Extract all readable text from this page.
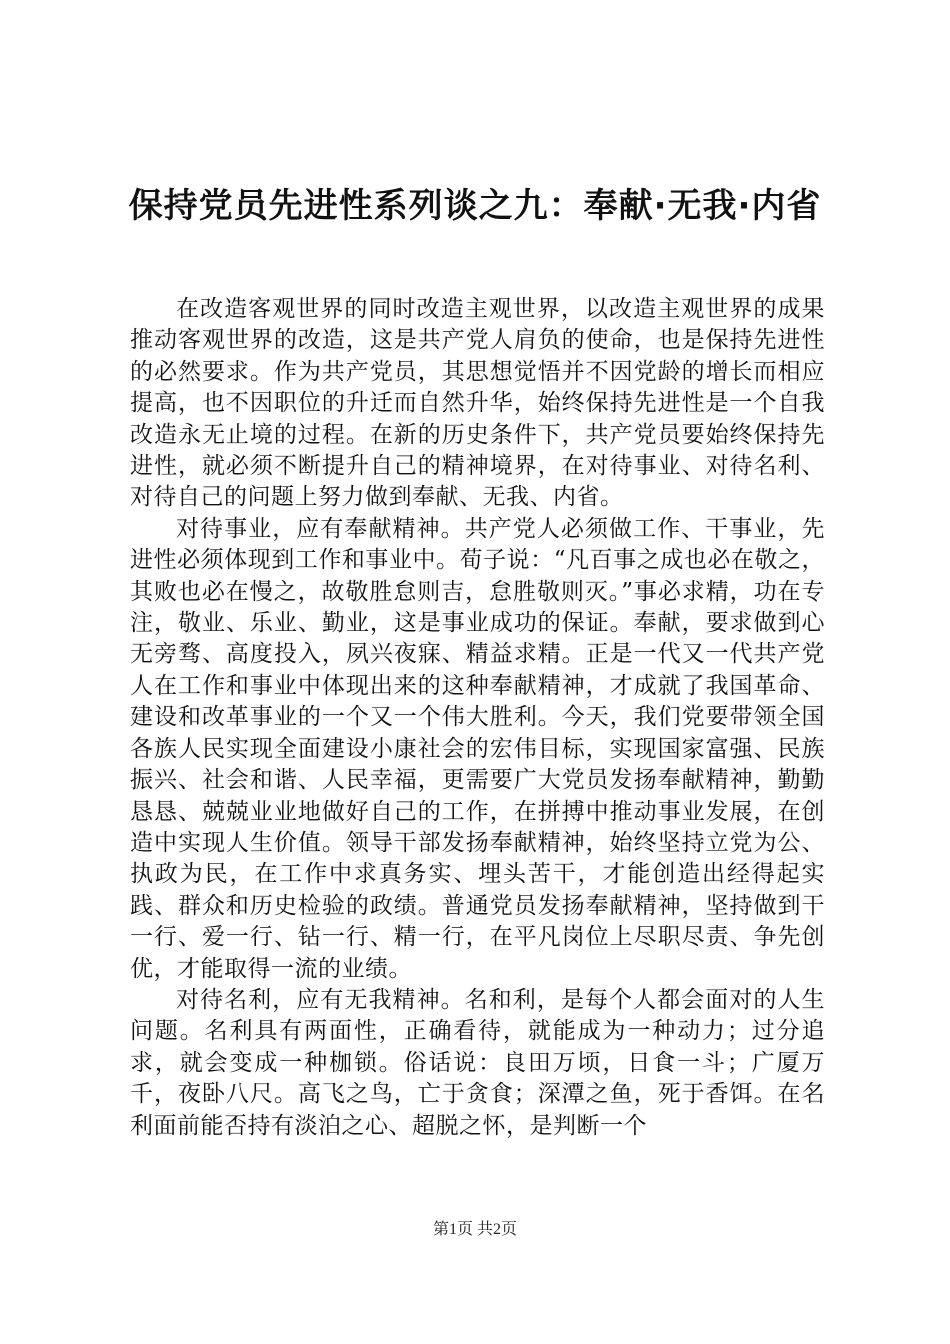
保持党员先进性系列谈之九：奉献·无我·内省

在改造客观世界的同时改造主观世界，以改造主观世界的成果推动客观世界的改造，这是共产党人肩负的使命，也是保持先进性的必然要求。作为共产党员，其思想觉悟并不因党龄的增长而相应提高，也不因职位的升迁而自然升华，始终保持先进性是一个自我改造永无止境的过程。在新的历史条件下，共产党员要始终保持先进性，就必须不断提升自己的精神境界，在对待事业、对待名利、对待自己的问题上努力做到奉献、无我、内省。

对待事业，应有奉献精神。共产党人必须做工作、干事业，先进性必须体现到工作和事业中。荀子说：“凡百事之成也必在敬之，其败也必在慢之，故敬胜怠则吉，怠胜敬则灭。”事必求精，功在专注，敬业、乐业、勤业，这是事业成功的保证。奉献，要求做到心无旁骛、高度投入，夙兴夜寐、精益求精。正是一代又一代共产党人在工作和事业中体现出来的这种奉献精神，才成就了我国革命、建设和改革事业的一个又一个伟大胜利。今天，我们党要带领全国各族人民实现全面建设小康社会的宏伟目标，实现国家富强、民族振兴、社会和谐、人民幸福，更需要广大党员发扬奉献精神，勤勤恳恳、兢兢业业地做好自己的工作，在拼搏中推动事业发展，在创造中实现人生价值。领导干部发扬奉献精神，始终坚持立党为公、执政为民，在工作中求真务实、埋头苦干，才能创造出经得起实践、群众和历史检验的政绩。普通党员发扬奉献精神，坚持做到干一行、爱一行、钻一行、精一行，在平凡岗位上尽职尽责、争先创优，才能取得一流的业绩。

对待名利，应有无我精神。名和利，是每个人都会面对的人生问题。名利具有两面性，正确看待，就能成为一种动力；过分追求，就会变成一种枷锁。俗话说：良田万顷，日食一斗；广厦万千，夜卧八尺。高飞之鸟，亡于贪食；深潭之鱼，死于香饵。在名利面前能否持有淡泊之心、超脱之怀，是判断一个

第1页 共2页
